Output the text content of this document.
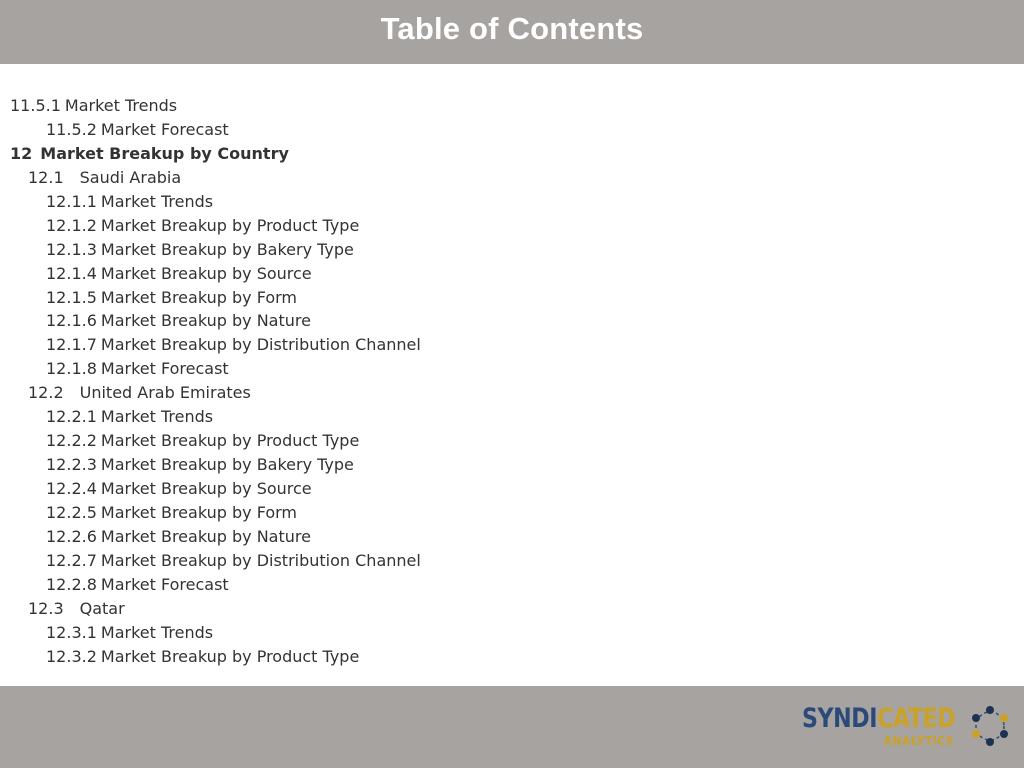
Table of Contents
11.5.1 Market Trends
11.5.2 Market Forecast
12 Market Breakup by Country
12.1 Saudi Arabia
12.1.1 Market Trends
12.1.2 Market Breakup by Product Type
12.1.3 Market Breakup by Bakery Type
12.1.4 Market Breakup by Source
12.1.5 Market Breakup by Form
12.1.6 Market Breakup by Nature
12.1.7 Market Breakup by Distribution Channel
12.1.8 Market Forecast
12.2 United Arab Emirates
12.2.1 Market Trends
12.2.2 Market Breakup by Product Type
12.2.3 Market Breakup by Bakery Type
12.2.4 Market Breakup by Source
12.2.5 Market Breakup by Form
12.2.6 Market Breakup by Nature
12.2.7 Market Breakup by Distribution Channel
12.2.8 Market Forecast
12.3 Qatar
12.3.1 Market Trends
12.3.2 Market Breakup by Product Type
SYNDICATED
ANALYTICS
